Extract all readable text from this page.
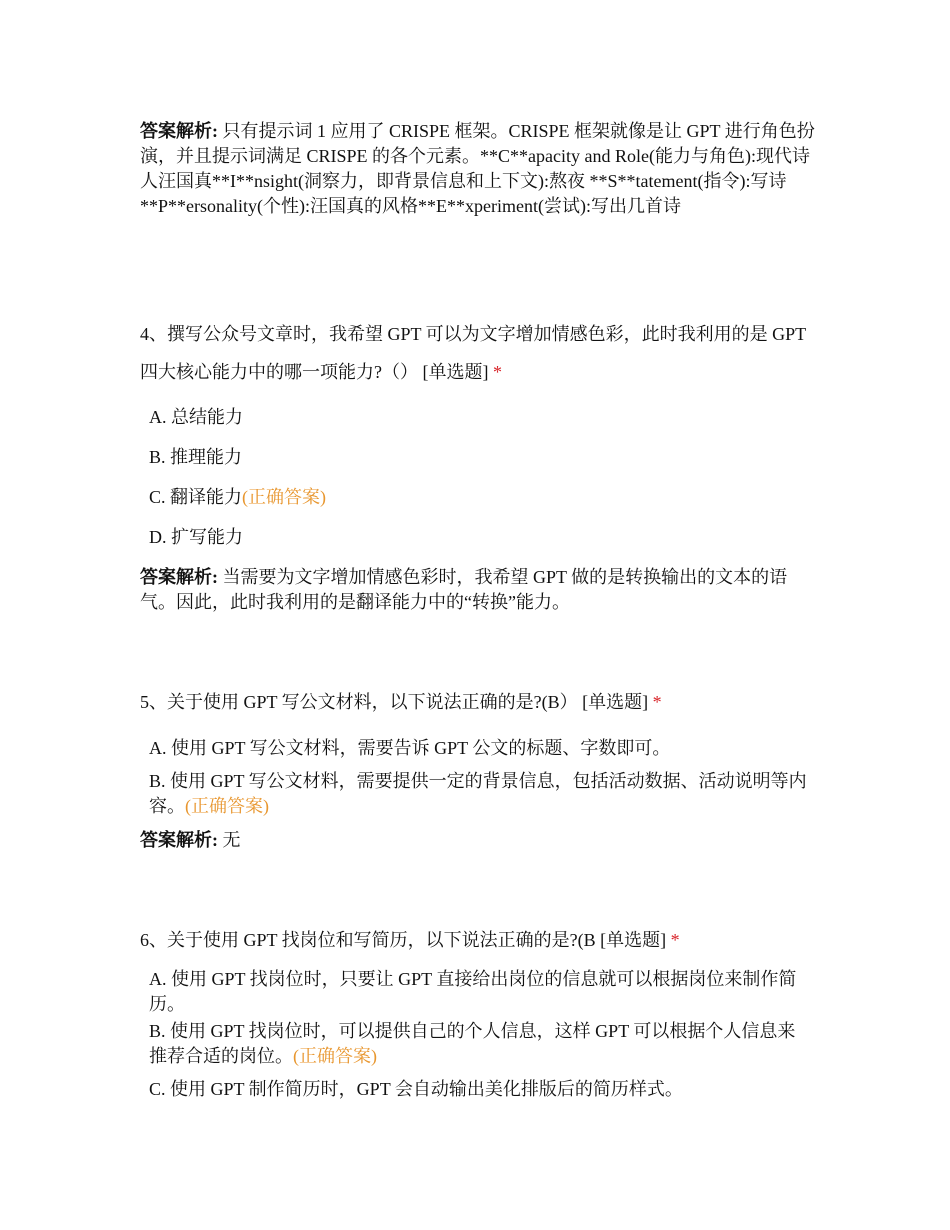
答案解析: 只有提示词 1 应用了 CRISPE 框架。CRISPE 框架就像是让 GPT 进行角色扮演，并且提示词满足 CRISPE 的各个元素。**C**apacity and Role(能力与角色):现代诗人汪国真**I**nsight(洞察力，即背景信息和上下文):熬夜 **S**tatement(指令):写诗**P**ersonality(个性):汪国真的风格**E**xperiment(尝试):写出几首诗
4、撰写公众号文章时，我希望 GPT 可以为文字增加情感色彩，此时我利用的是 GPT 四大核心能力中的哪一项能力?（） [单选题] *
A. 总结能力
B. 推理能力
C. 翻译能力(正确答案)
D. 扩写能力
答案解析: 当需要为文字增加情感色彩时，我希望 GPT 做的是转换输出的文本的语气。因此，此时我利用的是翻译能力中的“转换”能力。
5、关于使用 GPT 写公文材料，以下说法正确的是?(B） [单选题] *
A. 使用 GPT 写公文材料，需要告诉 GPT 公文的标题、字数即可。
B. 使用 GPT 写公文材料，需要提供一定的背景信息，包括活动数据、活动说明等内容。(正确答案)
答案解析: 无
6、关于使用 GPT 找岗位和写简历，以下说法正确的是?(B [单选题] *
A. 使用 GPT 找岗位时，只要让 GPT 直接给出岗位的信息就可以根据岗位来制作简历。
B. 使用 GPT 找岗位时，可以提供自己的个人信息，这样 GPT 可以根据个人信息来推荐合适的岗位。(正确答案)
C. 使用 GPT 制作简历时，GPT 会自动输出美化排版后的简历样式。
